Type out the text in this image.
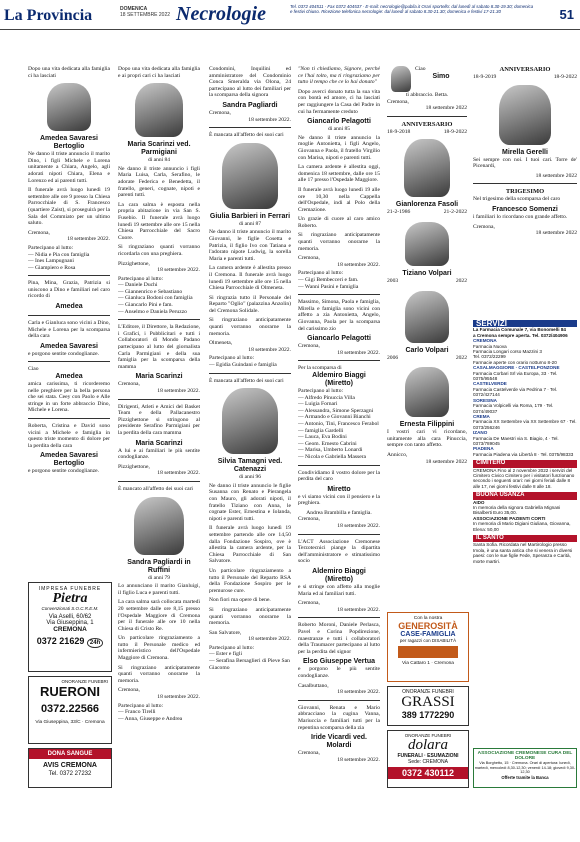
La Provincia	DOMENICA
18 SETTEMBRE 2022 Necrologie	Tel. 0372 404511 · Fax 0372 404537 · E-mail: necrologie@publia.it Orari sportello: dal lunedì al sabato 8.30-19.30; domenica e festivi chiuso. Ricezione telefonica necrologie: dal lunedì al sabato 8.30-21.30; domenica e festivi 17-21.30	51

Dopo una vita dedicata alla famiglia ci ha lasciati

Amedea Savaresi Bertoglio

Ne danno il triste annuncio il marito Dino, i figli Michele e Lorena unitamente a Chiara, Angelo, agli adorati nipoti Chiara, Elena e Lorenzo ed ai parenti tutti.

Il funerale avrà luogo lunedì 19 settembre alle ore 9 presso la Chiesa Parrocchiale di S. Francesco (quartiere Zaist), si proseguirà per la Sala del Commiato per un ultimo saluto.

Cremona,
18 settembre 2022.
Partecipano al lutto:
— Nidia e Pia con famiglia
— Ines Lampugnani
— Giampiero e Rosa

Pina, Mina, Grazia, Patrizia si uniscono a Dino e familiari nel caro ricordo di

Amedea

Carla e Gianluca sono vicini a Dino, Michele e Lorena per la scomparsa della cara

Amedea Savaresi

e porgono sentite condoglianze.

Ciao
Amedea

amica carissima, ti ricorderemo nelle preghiere per la bella persona che sei stata. Ceey con Paolo e Alle stringe in un forte abbraccio Dino, Michele e Lorena.

Roberta, Cristina e David sono vicini a Michele e famiglia in questo triste momento di dolore per la perdita della cara

Amedea Savaresi Bertoglio

e porgono sentite condoglianze.

IMPRESA FUNEBRE
Pietra
Convenzionati S.O.C.R.E.M.
Via Aselli, 60/62
Via Giuseppina, 1
CREMONA
0372 21629 24h
ONORANZE FUNEBRI
RUERONI
0372.22566
Via Giuseppina, 33/C · Cremona
DONA SANGUE
AVIS CREMONA
Tel. 0372 27232

Dopo una vita dedicata alla famiglia e ai propri cari ci ha lasciati

Maria Scarinzi ved. Parmigiani
di anni 84

Ne danno il triste annuncio i figli Maria Luisa, Carla, Serafino, le adorate Federica e Benedetta, il fratello, generi, cognate, nipoti e parenti tutti.

La cara salma è esposta nella propria abitazione in via San S. Fusebio. Il funerale avrà luogo lunedì 19 settembre alle ore 15 nella Chiesa Parrocchiale del Sacro Cuore.

Si ringraziano quanti vorranno ricordarla con una preghiera.

Pizzighettone,
18 settembre 2022.
Partecipano al lutto:
— Daniele Duchi
— Giannenrico e Sebastiano
— Gianluca Bodoni con famiglia
— Giancarlo Pini e fam.
— Anselmo e Daniela Peruzzo

L'Editore, il Direttore, la Redazione, i Grafici, i Pubblicitari e tutti i Collaboratori di Mondo Padano partecipano al lutto del giornalista Carla Parmigiani e della sua famiglia per la scomparsa della mamma

Maria Scarinzi
Cremona,
18 settembre 2022.

Dirigenti, Atleti e Amici del Basket Team e della Pallacanestro Pizzighettone si stringono al presidente Serafino Parmigiani per la perdita della cara mamma

Maria Scarinzi

A lui e ai familiari le più sentite condoglianze.

Pizzighettone,
18 settembre 2022.

È mancato all'affetto dei suoi cari

Sandra Pagliardi in Ruffini
di anni 79

Lo annunciano il marito Gianluigi, il figlio Luca e parenti tutti.

La cara salma sarà collocata martedì 20 settembre dalle ore 8,15 presso l'Ospedale Maggiore di Cremona per il funerale alle ore 10 nella Chiesa di Cristo Re.

Un particolare ringraziamento a tutto il Personale medico ed infermieristico dell'Ospedale Maggiore di Cremona.

Si ringraziano anticipatamente quanti vorranno onorarne la memoria.

Cremona,
18 settembre 2022.
Partecipano al lutto:
— Franco Tirelli
— Anna, Giuseppe e Andrea

Condomini, Inquilini ed amministratore del Condominio Conca Smeralda via Olona, 24 partecipano al lutto dei familiari per la scomparsa della signora

Sandra Pagliardi
Cremona,
18 settembre 2022.

È mancata all'affetto dei suoi cari

Giulia Barbieri in Ferrari
di anni 87

Ne danno il triste annuncio il marito Giovanni, le figlie Cosetta e Patrizia, il figlio Ivo con Tatiana e l'adorato nipote Ludwig, la sorella Maria e parenti tutti.

La camera ardente è allestita presso il Cremona. Il funerale avrà luogo lunedì 19 settembre alle ore 15 nella Chiesa Parrocchiale di Olmeneta.

Si ringrazia tutto il Personale del Reparto "Oglio" (palazzina Anzolin) del Cremona Solidale.

Si ringraziano anticipatamente quanti vorranno onorarne la memoria.

Olmeneta,
18 settembre 2022.
Partecipano al lutto:
— Egidia Guindani e famiglia

È mancata all'affetto dei suoi cari

Silvia Tamagni ved. Catenazzi
di anni 96

Ne danno il triste annuncio le figlie Susanna con Renato e Pierangela con Mauro, gli adorati nipoti, il fratello Tiziano con Anna, le cognate Ester, Ernestina e Iolanda, nipoti e parenti tutti.

Il funerale avrà luogo lunedì 19 settembre partendo alle ore 14,50 dalla Fondazione Sospiro, ove è allestita la camera ardente, per la Chiesa Parrocchiale di San Salvatore.

Un particolare ringraziamento a tutto il Personale del Reparto RSA della Fondazione Sospiro per le premurose cure.

Non fiori ma opere di bene.

Si ringraziano anticipatamente quanti vorranno onorarne la memoria.

San Salvatore,
18 settembre 2022.
Partecipano al lutto:
— Ester e figli
— Serafina Bersaglieri di Pieve San Giacomo

"Non ti chiediamo, Signore, perché ce l'hai tolto, ma ti ringraziamo per tutto il tempo che ce lo hai donato"

Dopo averci donato tutta la sua vita con bontà ed amore, ci ha lasciati per raggiungere la Casa del Padre in cui ha fermamente creduto

Giancarlo Pelagotti
di anni 85

Ne danno il triste annuncio la moglie Antonietta, i figli Angelo, Giovanna e Paola, il fratello Virgilio con Marisa, nipoti e parenti tutti.

La camera ardente è allestita oggi, domenica 18 settembre, dalle ore 15 alle 17 presso l'Ospedale Maggiore.

Il funerale avrà luogo lunedì 19 alle ore 10,30 nella Cappella dell'Ospedale, indi al Polo della Cremazione.

Un grazie di cuore al caro amico Roberto.

Si ringraziano anticipatamente quanti vorranno onorarne la memoria.

Cremona,
18 settembre 2022.
Partecipano al lutto:
— Gigi Bembecceri e fam.
— Wanni Pasini e famiglia

Massimo, Simona, Paola e famiglia, Mirella e famiglia sono vicini con affetto a zia Antonietta, Angelo, Giovanna, Paola per la scomparsa del carissimo zio

Giancarlo Pelagotti
Cremona,
18 settembre 2022.
Per la scomparsa di
Aldemiro Biaggi (Miretto)
Partecipano al lutto:
— Alfredo Pinuccia Villa
— Luigia Fornari
— Alessandra, Simone Sperzagni
— Armando e Giovanni Bianchi
— Antonio, Tini, Francesco Ferabol
— famiglia Gardelli
— Lauca, Eva Bodini
— Geom. Ernesto Cabrini
— Marisa, Umberto Lonardi
— Nicola e Gabriella Massera

Condividiamo il vostro dolore per la perdita del caro

Miretto

e vi siamo vicini con il pensiero e la preghiera.

Andrea Brambilla e famiglia.
Cremona,
18 settembre 2022.

L'ACT Associazione Cremonese Terzotecnici piange la dipartita dell'amministratore e stimatissimo socio

Aldemiro Biaggi (Miretto)

e si stringe con affetto alla moglie Maria ed ai familiari tutti.

Cremona,
18 settembre 2022.

Roberto Moroni, Daniele Perlasca, Pavel e Corina Popdirezione, maestranze e tutti i collaboratori della Traumacer partecipano al lutto per la perdita del signor

Elso Giuseppe Vertua

e porgono le più sentite condoglianze.

Casalbuttano,
18 settembre 2022.

Giovanni, Renata e Mario abbracciano la cugina Vanna, Mariuccia e familiari tutti per la repentina scomparsa della zia

Iride Vicardi ved. Molardi
Cremona,
18 settembre 2022.
Ciao
Simo
ti abbraccio. Betta.
Cremona,
18 settembre 2022
ANNIVERSARIO
18-9-2018	18-9-2022
Gianlorenza Fasoli
21-2-1986	21-2-2022
Tiziano Volpari
2003	2022
Carlo Volpari
2006	2022
Ernesta Filippini

I vostri cari vi ricordano, unitamente alla cara Pinuccia, sempre con tanto affetto.

Annicco,
18 settembre 2022
Con la nostra
GENEROSITÀ
CASE-FAMIGLIA
per ragazzi con DISABILITÀ
Via Cattaro 1 · Cremona
ONORANZE FUNEBRI
GRASSI
389 1772290
ONORANZE FUNEBRI
dolara
FUNERALI · ESUMAZIONI
Sede: CREMONA
0372 430112
ANNIVERSARIO
18-9-2019	18-9-2022
Mirella Gerelli

Sei sempre con noi. I tuoi cari. Torre de' Picenardi,

18 settembre 2022
TRIGESIMO

Nel trigesimo della scomparsa del caro

Francesco Somenzi

i familiari lo ricordano con grande affetto.

Cremona,
18 settembre 2022
SERVIZI
La Farmacia Comunale 7, via Bonomelli 84
a Cremona sempre aperta. Tel. 0372/404906
CREMONA
Farmacia Nuova
Farmacia Longari corso Mazzini 3
Tel. 0372/22299
Farmacie aperte con orario notturno 8-20
CASALMAGGIORE · CASTELPONZONE
Farmacia Corbari Srl via Europa, 33 · Tel. 0375/95548
CASTELVERDE
Farmacia Castelverde via Pedrina 7 · Tel. 0372/427144
SORESINA
Farmacia Volpicelli via Roma, 179 · Tel. 0374/49037
CREMA
Farmacia XX Settembre via XX Settembre 67 · Tel. 0373/256246
IZANO
Farmacia De Maestri via S. Biagio, 4 · Tel. 0373/789045
PIADENA
Farmacia Piadena via Libertà 8 · Tel. 0375/98333
CIMITERO
CREMONA Fino al 2 novembre 2022 i servizi del Cimitero Civico Cimitero per i visitatori funzionano secondo i seguenti orari: nei giorni feriali dalle 8 alle 17, nei giorni festivi dalle 8 alle 18.
BUONA USANZA
AIDO
In memoria della signora Gabriella Mignani Bisalberti Euro 35,00.
ASSOCIAZIONE PAZIENTI CORTI
In memoria di Mario Digiani Giuliana, Giovanna, Elena: 50,00
IL SANTO
Santa Sofia. Ricordata nel Martirologio presso Imola, è una santa antica che si venera in diversi paesi: con le sue figlie Fede, Speranza e Carità, morte martiri.
ASSOCIAZIONE CREMONESE CURA DEL DOLORE
Via Borghetto, 15 · Cremona. Orari di apertura: lunedì, martedì, mercoledì 8,30-12,30; venerdì 14-18; giovedì 9,30-12,30
Offerte tramite la Banca
